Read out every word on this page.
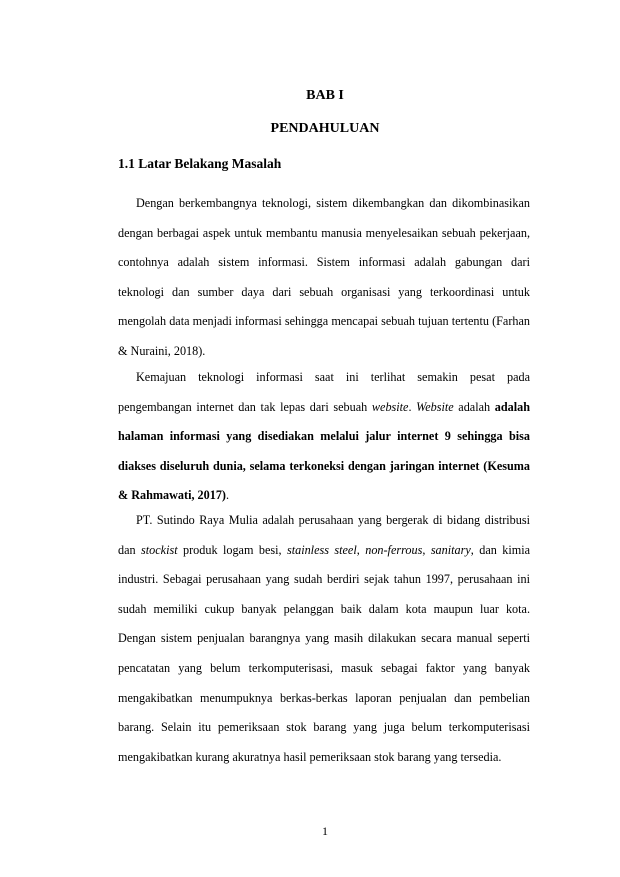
BAB I
PENDAHULUAN
1.1 Latar Belakang Masalah

Dengan berkembangnya teknologi, sistem dikembangkan dan dikombinasikan dengan berbagai aspek untuk membantu manusia menyelesaikan sebuah pekerjaan, contohnya adalah sistem informasi. Sistem informasi adalah gabungan dari teknologi dan sumber daya dari sebuah organisasi yang terkoordinasi untuk mengolah data menjadi informasi sehingga mencapai sebuah tujuan tertentu (Farhan & Nuraini, 2018).

Kemajuan teknologi informasi saat ini terlihat semakin pesat pada pengembangan internet dan tak lepas dari sebuah website. Website adalah adalah halaman informasi yang disediakan melalui jalur internet 9 sehingga bisa diakses diseluruh dunia, selama terkoneksi dengan jaringan internet (Kesuma & Rahmawati, 2017).

PT. Sutindo Raya Mulia adalah perusahaan yang bergerak di bidang distribusi dan stockist produk logam besi, stainless steel, non-ferrous, sanitary, dan kimia industri. Sebagai perusahaan yang sudah berdiri sejak tahun 1997, perusahaan ini sudah memiliki cukup banyak pelanggan baik dalam kota maupun luar kota. Dengan sistem penjualan barangnya yang masih dilakukan secara manual seperti pencatatan yang belum terkomputerisasi, masuk sebagai faktor yang banyak mengakibatkan menumpuknya berkas-berkas laporan penjualan dan pembelian barang. Selain itu pemeriksaan stok barang yang juga belum terkomputerisasi mengakibatkan kurang akuratnya hasil pemeriksaan stok barang yang tersedia.

1
